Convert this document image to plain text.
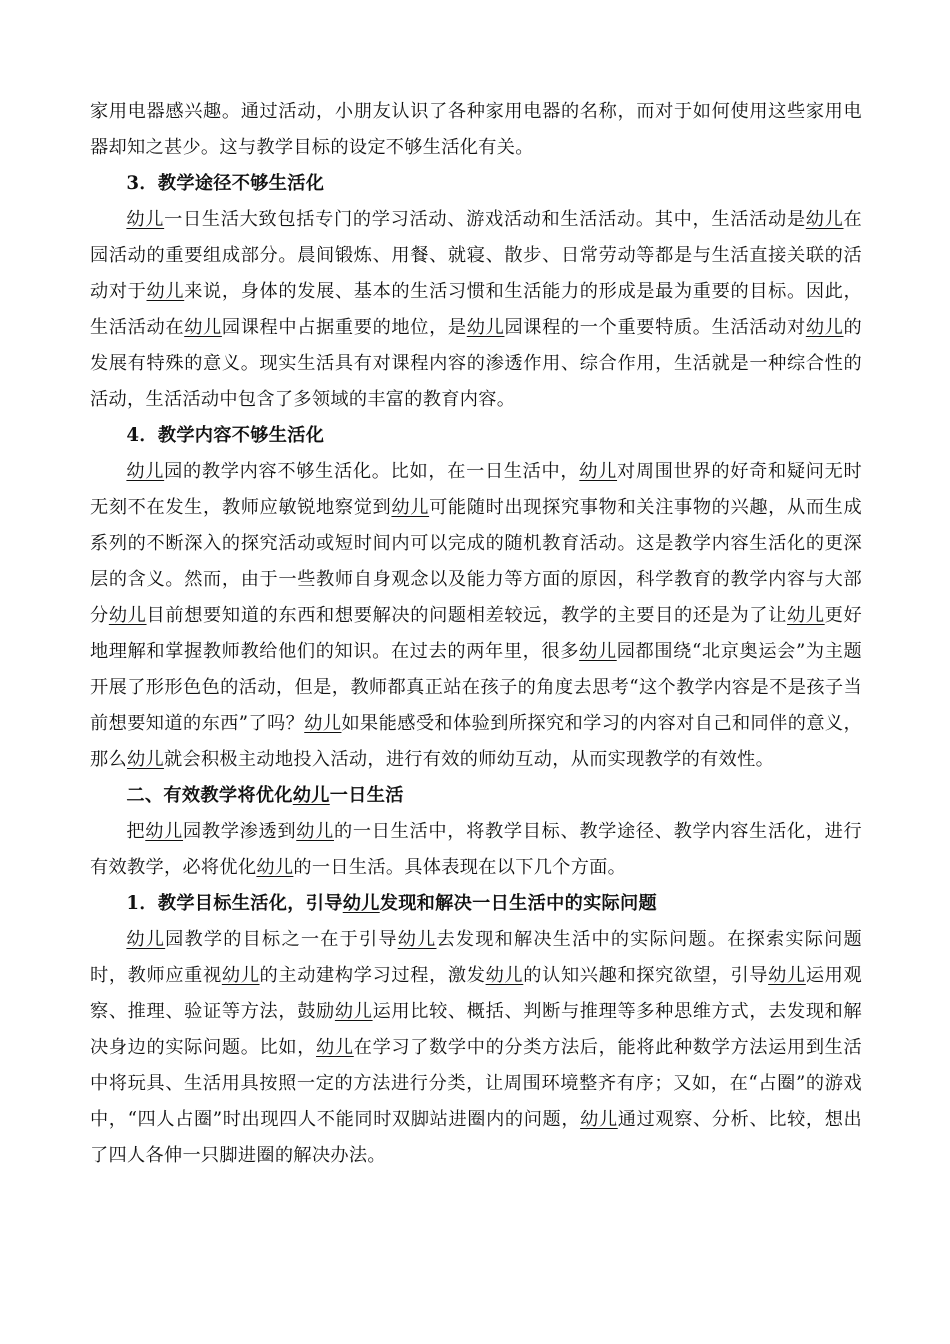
家用电器感兴趣。通过活动，小朋友认识了各种家用电器的名称，而对于如何使用这些家用电器却知之甚少。这与教学目标的设定不够生活化有关。

3．教学途径不够生活化

幼儿一日生活大致包括专门的学习活动、游戏活动和生活活动。其中，生活活动是幼儿在园活动的重要组成部分。晨间锻炼、用餐、就寝、散步、日常劳动等都是与生活直接关联的活动对于幼儿来说，身体的发展、基本的生活习惯和生活能力的形成是最为重要的目标。因此，生活活动在幼儿园课程中占据重要的地位，是幼儿园课程的一个重要特质。生活活动对幼儿的发展有特殊的意义。现实生活具有对课程内容的渗透作用、综合作用，生活就是一种综合性的活动，生活活动中包含了多领域的丰富的教育内容。

4．教学内容不够生活化

幼儿园的教学内容不够生活化。比如，在一日生活中，幼儿对周围世界的好奇和疑问无时无刻不在发生，教师应敏锐地察觉到幼儿可能随时出现探究事物和关注事物的兴趣，从而生成系列的不断深入的探究活动或短时间内可以完成的随机教育活动。这是教学内容生活化的更深层的含义。然而，由于一些教师自身观念以及能力等方面的原因，科学教育的教学内容与大部分幼儿目前想要知道的东西和想要解决的问题相差较远，教学的主要目的还是为了让幼儿更好地理解和掌握教师教给他们的知识。在过去的两年里，很多幼儿园都围绕“北京奥运会”为主题开展了形形色色的活动，但是，教师都真正站在孩子的角度去思考“这个教学内容是不是孩子当前想要知道的东西”了吗？幼儿如果能感受和体验到所探究和学习的内容对自己和同伴的意义，那么幼儿就会积极主动地投入活动，进行有效的师幼互动，从而实现教学的有效性。

二、有效教学将优化幼儿一日生活

把幼儿园教学渗透到幼儿的一日生活中，将教学目标、教学途径、教学内容生活化，进行有效教学，必将优化幼儿的一日生活。具体表现在以下几个方面。

1．教学目标生活化，引导幼儿发现和解决一日生活中的实际问题

幼儿园教学的目标之一在于引导幼儿去发现和解决生活中的实际问题。在探索实际问题时，教师应重视幼儿的主动建构学习过程，激发幼儿的认知兴趣和探究欲望，引导幼儿运用观察、推理、验证等方法，鼓励幼儿运用比较、概括、判断与推理等多种思维方式，去发现和解决身边的实际问题。比如，幼儿在学习了数学中的分类方法后，能将此种数学方法运用到生活中将玩具、生活用具按照一定的方法进行分类，让周围环境整齐有序；又如，在“占圈”的游戏中，“四人占圈”时出现四人不能同时双脚站进圈内的问题，幼儿通过观察、分析、比较，想出了四人各伸一只脚进圈的解决办法。
